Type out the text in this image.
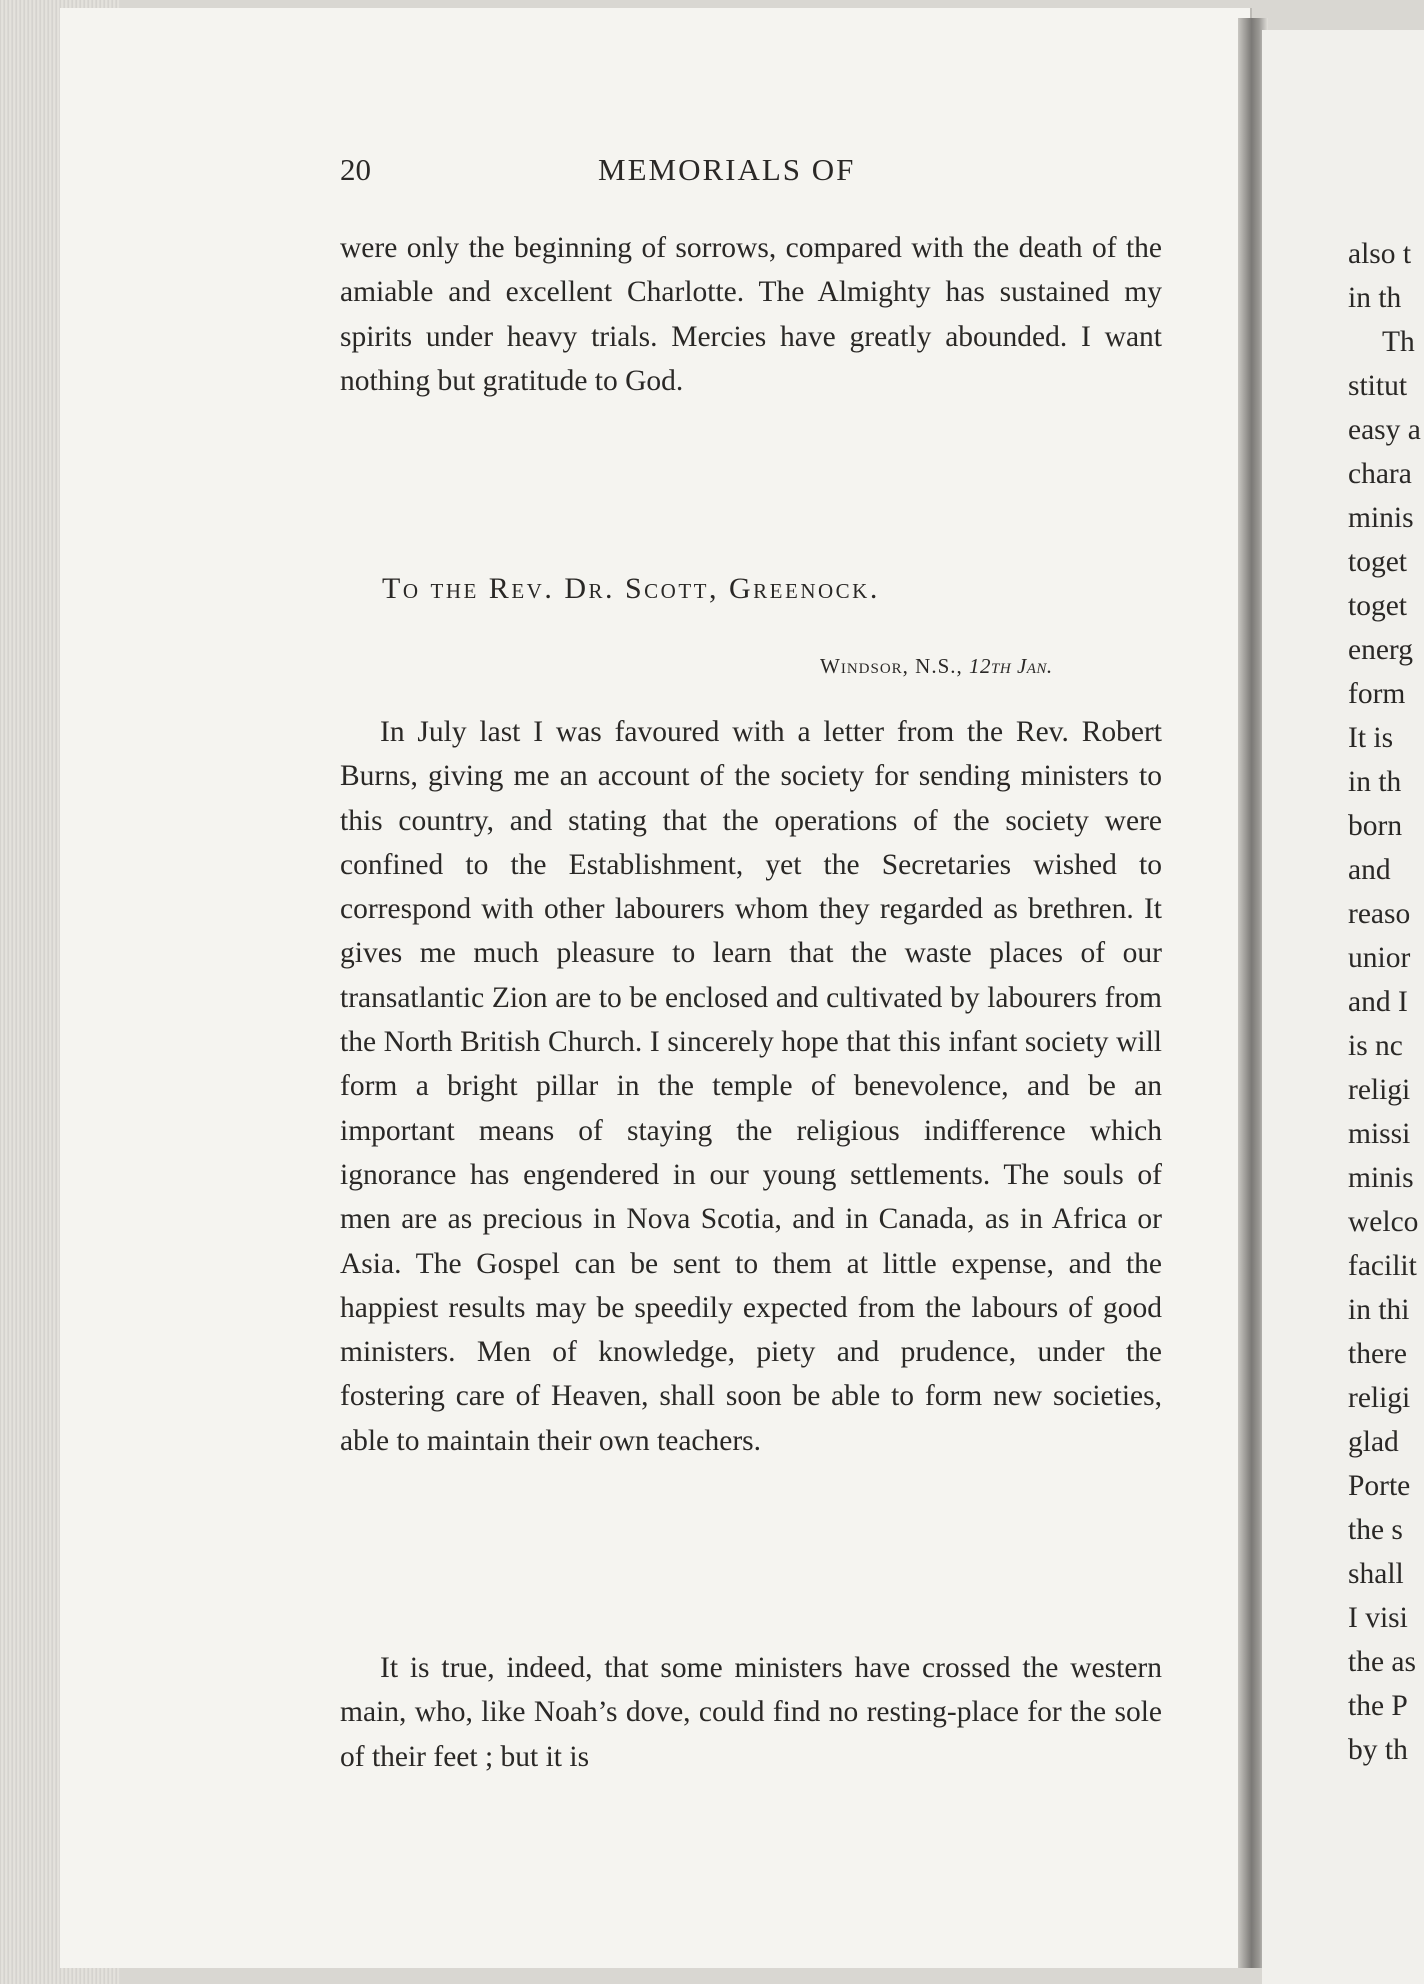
20	MEMORIALS OF

were only the beginning of sorrows, compared with the death of the amiable and excellent Charlotte. The Almighty has sustained my spirits under heavy trials. Mercies have greatly abounded. I want nothing but gratitude to God.

To the Rev. Dr. Scott, Greenock.
Windsor, N.S., 12th Jan.

In July last I was favoured with a letter from the Rev. Robert Burns, giving me an account of the society for sending ministers to this country, and stating that the operations of the society were confined to the Establishment, yet the Secretaries wished to correspond with other labourers whom they regarded as brethren. It gives me much pleasure to learn that the waste places of our transatlantic Zion are to be enclosed and cultivated by labourers from the North British Church. I sincerely hope that this infant society will form a bright pillar in the temple of benevolence, and be an important means of staying the religious indifference which ignorance has engendered in our young settlements. The souls of men are as precious in Nova Scotia, and in Canada, as in Africa or Asia. The Gospel can be sent to them at little expense, and the happiest results may be speedily expected from the labours of good ministers. Men of knowledge, piety and prudence, under the fostering care of Heaven, shall soon be able to form new societies, able to maintain their own teachers.

It is true, indeed, that some ministers have crossed the western main, who, like Noah’s dove, could find no resting-place for the sole of their feet ; but it is

also t
in th
Th
stitut
easy a
chara
minis
toget
toget
energ
form
It is
in th
born
and
reaso
unior
and I
is nc
religi
missi
minis
welco
facilit
in thi
there
religi
glad
Porte
the s
shall
I visi
the as
the P
by th
